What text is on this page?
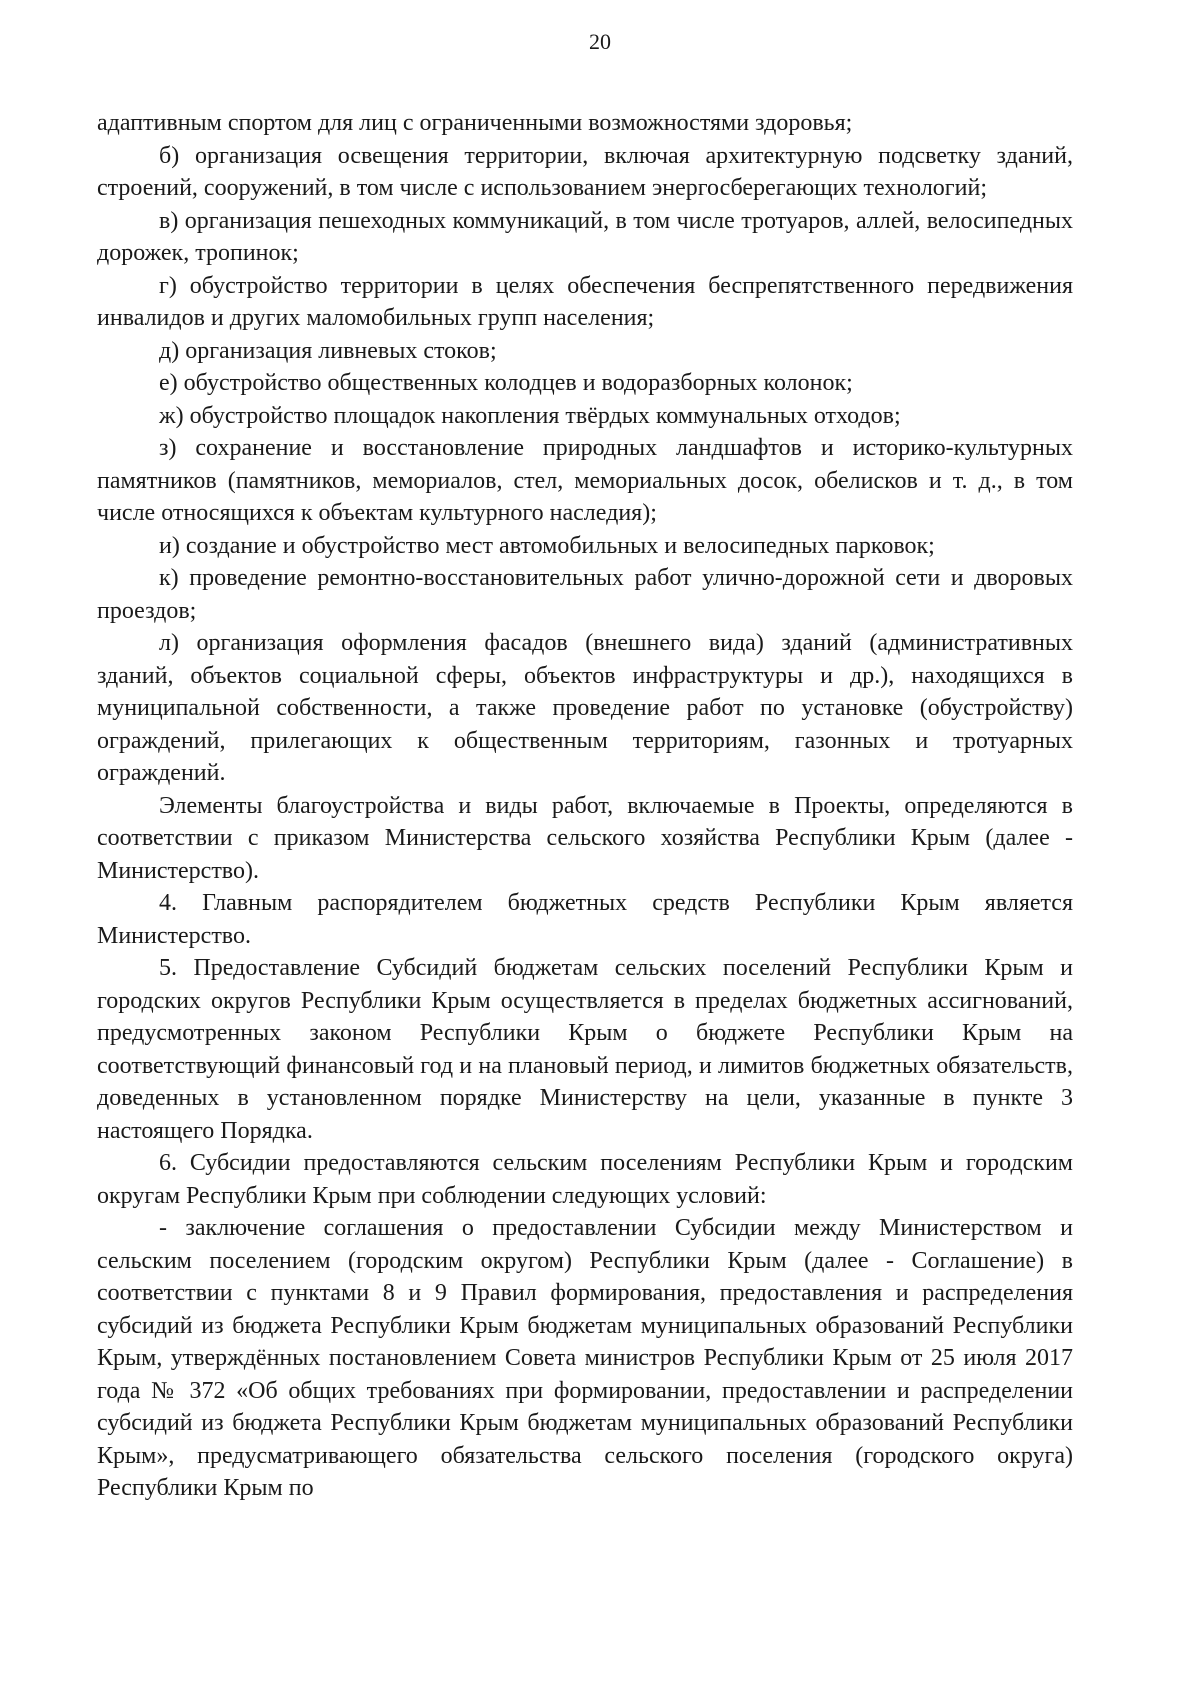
20

адаптивным спортом для лиц с ограниченными возможностями здоровья;

б) организация освещения территории, включая архитектурную подсветку зданий, строений, сооружений, в том числе с использованием энергосберегающих технологий;

в) организация пешеходных коммуникаций, в том числе тротуаров, аллей, велосипедных дорожек, тропинок;

г) обустройство территории в целях обеспечения беспрепятственного передвижения инвалидов и других маломобильных групп населения;

д) организация ливневых стоков;

е) обустройство общественных колодцев и водоразборных колонок;

ж) обустройство площадок накопления твёрдых коммунальных отходов;

з) сохранение и восстановление природных ландшафтов и историко-культурных памятников (памятников, мемориалов, стел, мемориальных досок, обелисков и т. д., в том числе относящихся к объектам культурного наследия);

и) создание и обустройство мест автомобильных и велосипедных парковок;

к) проведение ремонтно-восстановительных работ улично-дорожной сети и дворовых проездов;

л) организация оформления фасадов (внешнего вида) зданий (административных зданий, объектов социальной сферы, объектов инфраструктуры и др.), находящихся в муниципальной собственности, а также проведение работ по установке (обустройству) ограждений, прилегающих к общественным территориям, газонных и тротуарных ограждений.

Элементы благоустройства и виды работ, включаемые в Проекты, определяются в соответствии с приказом Министерства сельского хозяйства Республики Крым (далее - Министерство).

4. Главным распорядителем бюджетных средств Республики Крым является Министерство.

5. Предоставление Субсидий бюджетам сельских поселений Республики Крым и городских округов Республики Крым осуществляется в пределах бюджетных ассигнований, предусмотренных законом Республики Крым о бюджете Республики Крым на соответствующий финансовый год и на плановый период, и лимитов бюджетных обязательств, доведенных в установленном порядке Министерству на цели, указанные в пункте 3 настоящего Порядка.

6. Субсидии предоставляются сельским поселениям Республики Крым и городским округам Республики Крым при соблюдении следующих условий:

- заключение соглашения о предоставлении Субсидии между Министерством и сельским поселением (городским округом) Республики Крым (далее - Соглашение) в соответствии с пунктами 8 и 9 Правил формирования, предоставления и распределения субсидий из бюджета Республики Крым бюджетам муниципальных образований Республики Крым, утверждённых постановлением Совета министров Республики Крым от 25 июля 2017 года № 372 «Об общих требованиях при формировании, предоставлении и распределении субсидий из бюджета Республики Крым бюджетам муниципальных образований Республики Крым», предусматривающего обязательства сельского поселения (городского округа) Республики Крым по
